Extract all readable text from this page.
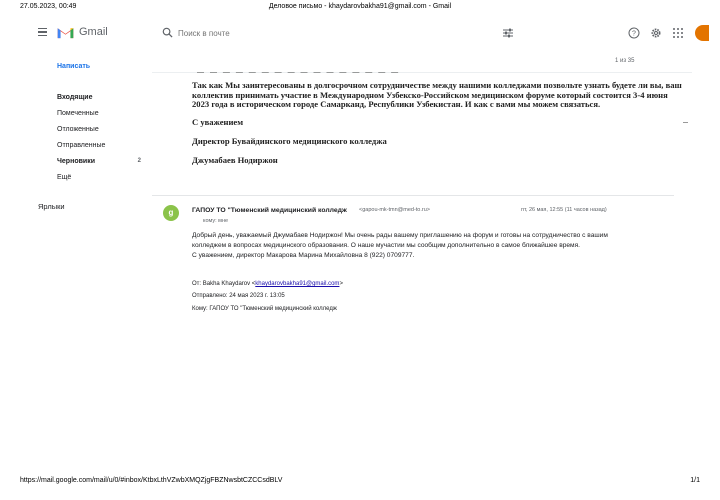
27.05.2023, 00:49	Деловое письмо - khaydarovbakha91@gmail.com - Gmail
Gmail
Поиск в почте	?
Написать
Входящие
Помеченные
Отложенные
Отправленные
Черновики	2
Ещё
Ярлыки
1 из 35
— — — — — — — — — — — — — — — —

Так как Мы заинтересованы в долгосрочном сотрудничестве между нашими колледжами позвольте узнать будете ли вы, ваш коллектив принимать участие в Международном Узбекско-Российском медицинском форуме который состоится 3-4 июня 2023 года в историческом городе Самарканд, Республики Узбекистан. И как с вами мы можем связаться.

С уважением

Директор Бувайдинского медицинского колледжа

Джумабаев Нодиржон

g	ГАПОУ ТО "Тюменский медицинский колледж <gapou-mk-tmn@med-to.ru>	пт, 26 мая, 12:55 (11 часов назад)
кому: мне
Добрый день, уважаемый Джумабаев Нодиржон! Мы очень рады вашему приглашению на форум и готовы на сотрудничество с вашим
колледжем в вопросах медицинского образования. О наше мучастии мы сообщим дополнительно в самое ближайшее время.
С уважением, директор Макарова Марина Михайловна 8 (922) 0709777.
От: Bakha Khaydarov <khaydarovbakha91@gmail.com>
Отправлено: 24 мая 2023 г. 13:05
Кому: ГАПОУ ТО "Тюменский медицинский колледж
https://mail.google.com/mail/u/0/#inbox/KtbxLthVZwbXMQZjgFBZNwsbtCZCCsdBLV	1/1
